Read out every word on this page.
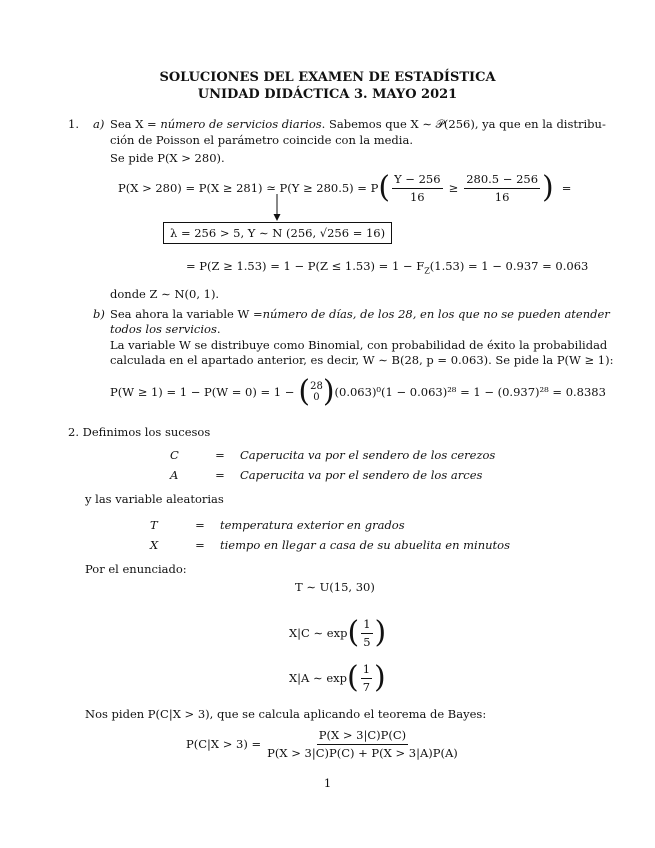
SOLUCIONES DEL EXAMEN DE ESTADÍSTICA
UNIDAD DIDÁCTICA 3. MAYO 2021
1. a) Sea X = número de servicios diarios. Sabemos que X ∼ 𝒫(256), ya que en la distribu-
ción de Poisson el parámetro coincide con la media.
Se pide P(X > 280).
P(X > 280) = P(X ≥ 281) ≃ P(Y ≥ 280.5) = P ( $\frac{Y - 256}{16} \ge \frac{280.5 - 256}{16}$ ) =
λ = 256 > 5, Y ∼ N (256, √256 = 16)
= $P(Z \ge 1.53) = 1 - P(Z \le 1.53) = 1 - F_Z(1.53) = 1 - 0.937 = 0.063$
donde Z ∼ N(0, 1).
b) Sea ahora la variable W =número de días, de los 28, en los que no se pueden atender
todos los servicios.
La variable W se distribuye como Binomial, con probabilidad de éxito la probabilidad
calculada en el apartado anterior, es decir, W ∼ B(28, p = 0.063). Se pide la P(W ≥ 1):
P(W ≥ 1) = 1 − P(W = 0) = 1 − ( 28
0 ) (0.063)⁰(1 − 0.063)²⁸ = 1 − (0.937)²⁸ = 0.8383
2. Definimos los sucesos
C	=	Caperucita va por el sendero de los cerezos
A	=	Caperucita va por el sendero de los arces
y las variable aleatorias
T	=	temperatura exterior en grados
X	=	tiempo en llegar a casa de su abuelita en minutos
Por el enunciado:
T ∼ U(15, 30)
X|C ∼ exp ( $\frac{1}{5}$ )
X|A ∼ exp ( $\frac{1}{7}$ )
Nos piden P(C|X > 3), que se calcula aplicando el teorema de Bayes:
$P(C|X > 3) = \frac{P(X > 3|C)P(C)}{P(X > 3|C)P(C) + P(X > 3|A)P(A)}$
1
